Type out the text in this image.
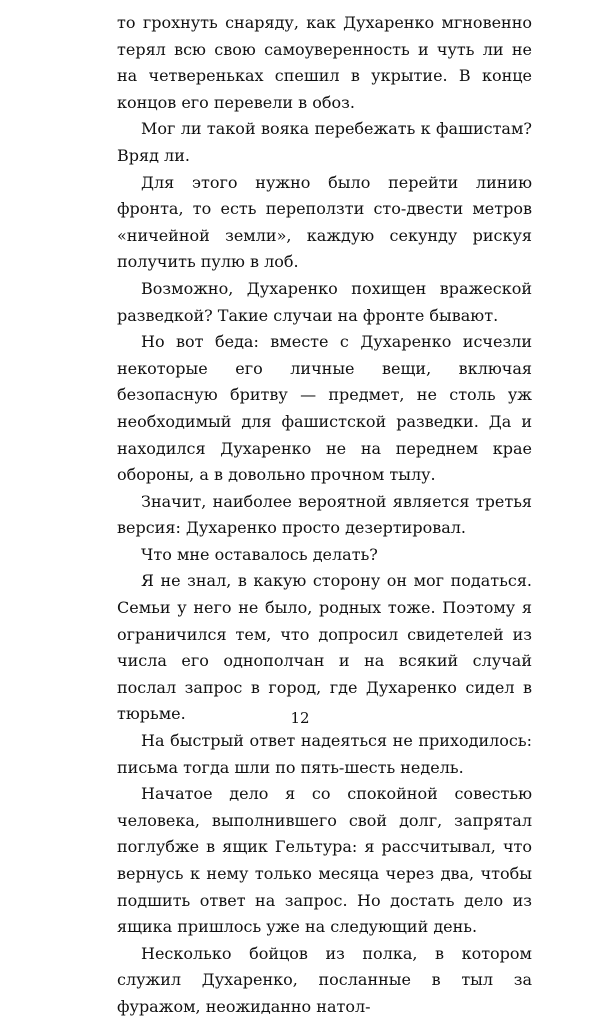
то грохнуть снаряду, как Духаренко мгновенно терял всю свою самоуверенность и чуть ли не на четвереньках спешил в укрытие. В конце концов его перевели в обоз.

Мог ли такой вояка перебежать к фашистам? Вряд ли.

Для этого нужно было перейти линию фронта, то есть переползти сто-двести метров «ничейной земли», каждую секунду рискуя получить пулю в лоб.

Возможно, Духаренко похищен вражеской разведкой? Такие случаи на фронте бывают.

Но вот беда: вместе с Духаренко исчезли некоторые его личные вещи, включая безопасную бритву — предмет, не столь уж необходимый для фашистской разведки. Да и находился Духаренко не на переднем крае обороны, а в довольно прочном тылу.

Значит, наиболее вероятной является третья версия: Духаренко просто дезертировал.

Что мне оставалось делать?

Я не знал, в какую сторону он мог податься. Семьи у него не было, родных тоже. Поэтому я ограничился тем, что допросил свидетелей из числа его однополчан и на всякий случай послал запрос в город, где Духаренко сидел в тюрьме.

На быстрый ответ надеяться не приходилось: письма тогда шли по пять-шесть недель.

Начатое дело я со спокойной совестью человека, выполнившего свой долг, запрятал поглубже в ящик Гельтура: я рассчитывал, что вернусь к нему только месяца через два, чтобы подшить ответ на запрос. Но достать дело из ящика пришлось уже на следующий день.

Несколько бойцов из полка, в котором служил Духаренко, посланные в тыл за фуражом, неожиданно натол-

12
